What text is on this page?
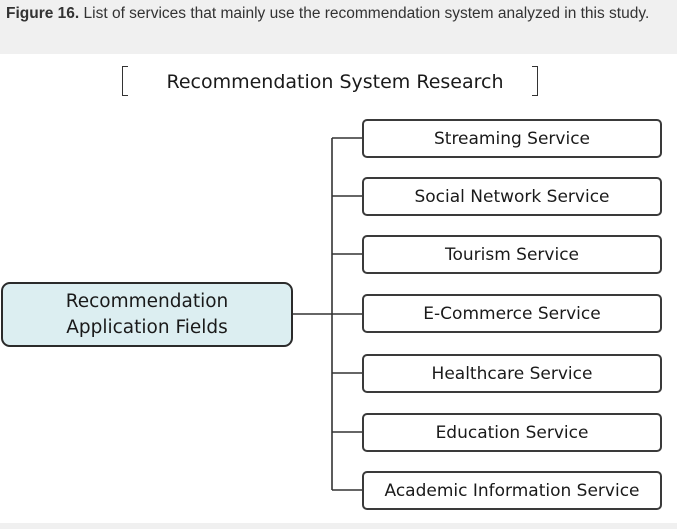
Figure 16. List of services that mainly use the recommendation system analyzed in this study.
Recommendation System Research
Recommendation
Application Fields
Streaming Service
Social Network Service
Tourism Service
E-Commerce Service
Healthcare Service
Education Service
Academic Information Service
